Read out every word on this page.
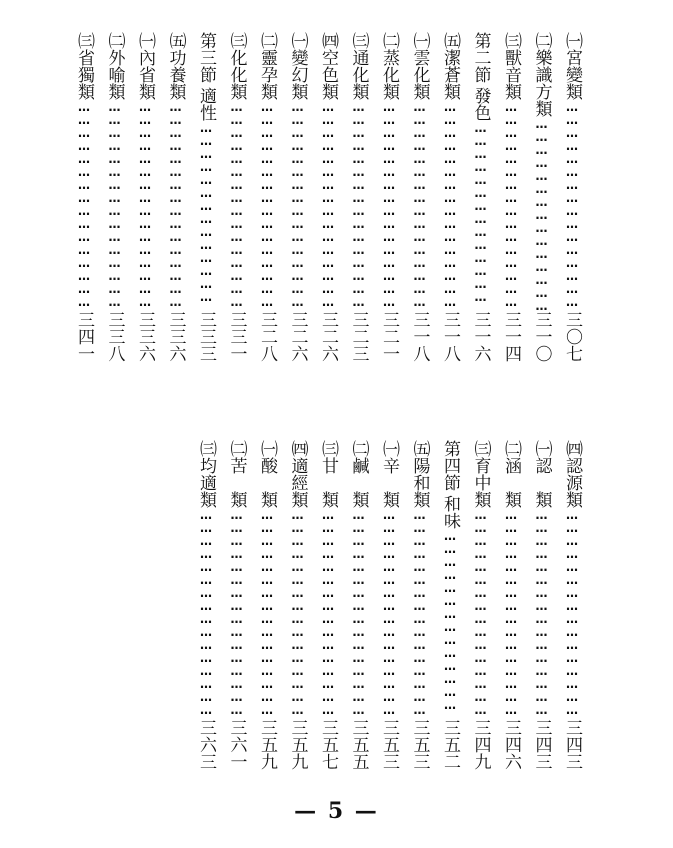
㈠宮變類
……………………………………………………………………………………………………
三〇七
㈡樂識方類
……………………………………………………………………………………………………
三一〇
㈢獸音類
……………………………………………………………………………………………………
三一四
第二節
發色
……………………………………………………………………………………………………
三一六
㈤潔蒼類
……………………………………………………………………………………………………
三一八
㈠雲化類
……………………………………………………………………………………………………
三一八
㈡蒸化類
……………………………………………………………………………………………………
三二一
㈢通化類
……………………………………………………………………………………………………
三二三
㈣空色類
……………………………………………………………………………………………………
三二六
㈠變幻類
……………………………………………………………………………………………………
三二六
㈡靈孕類
……………………………………………………………………………………………………
三二八
㈢化化類
……………………………………………………………………………………………………
三三一
第三節
適性
……………………………………………………………………………………………………
三三三
㈤功養類
……………………………………………………………………………………………………
三三六
㈠內省類
……………………………………………………………………………………………………
三三六
㈡外喻類
……………………………………………………………………………………………………
三三八
㈢省獨類
……………………………………………………………………………………………………
三四一
㈣認源類
……………………………………………………………………………………………………
三四三
㈠認　類
……………………………………………………………………………………………………
三四三
㈡涵　類
……………………………………………………………………………………………………
三四六
㈢育中類
……………………………………………………………………………………………………
三四九
第四節
和味
……………………………………………………………………………………………………
三五二
㈤陽和類
……………………………………………………………………………………………………
三五三
㈠辛　類
……………………………………………………………………………………………………
三五三
㈡鹹　類
……………………………………………………………………………………………………
三五五
㈢甘　類
……………………………………………………………………………………………………
三五七
㈣適經類
……………………………………………………………………………………………………
三五九
㈠酸　類
……………………………………………………………………………………………………
三五九
㈡苦　類
……………………………………………………………………………………………………
三六一
㈢均適類
……………………………………………………………………………………………………
三六三
— 5 —
